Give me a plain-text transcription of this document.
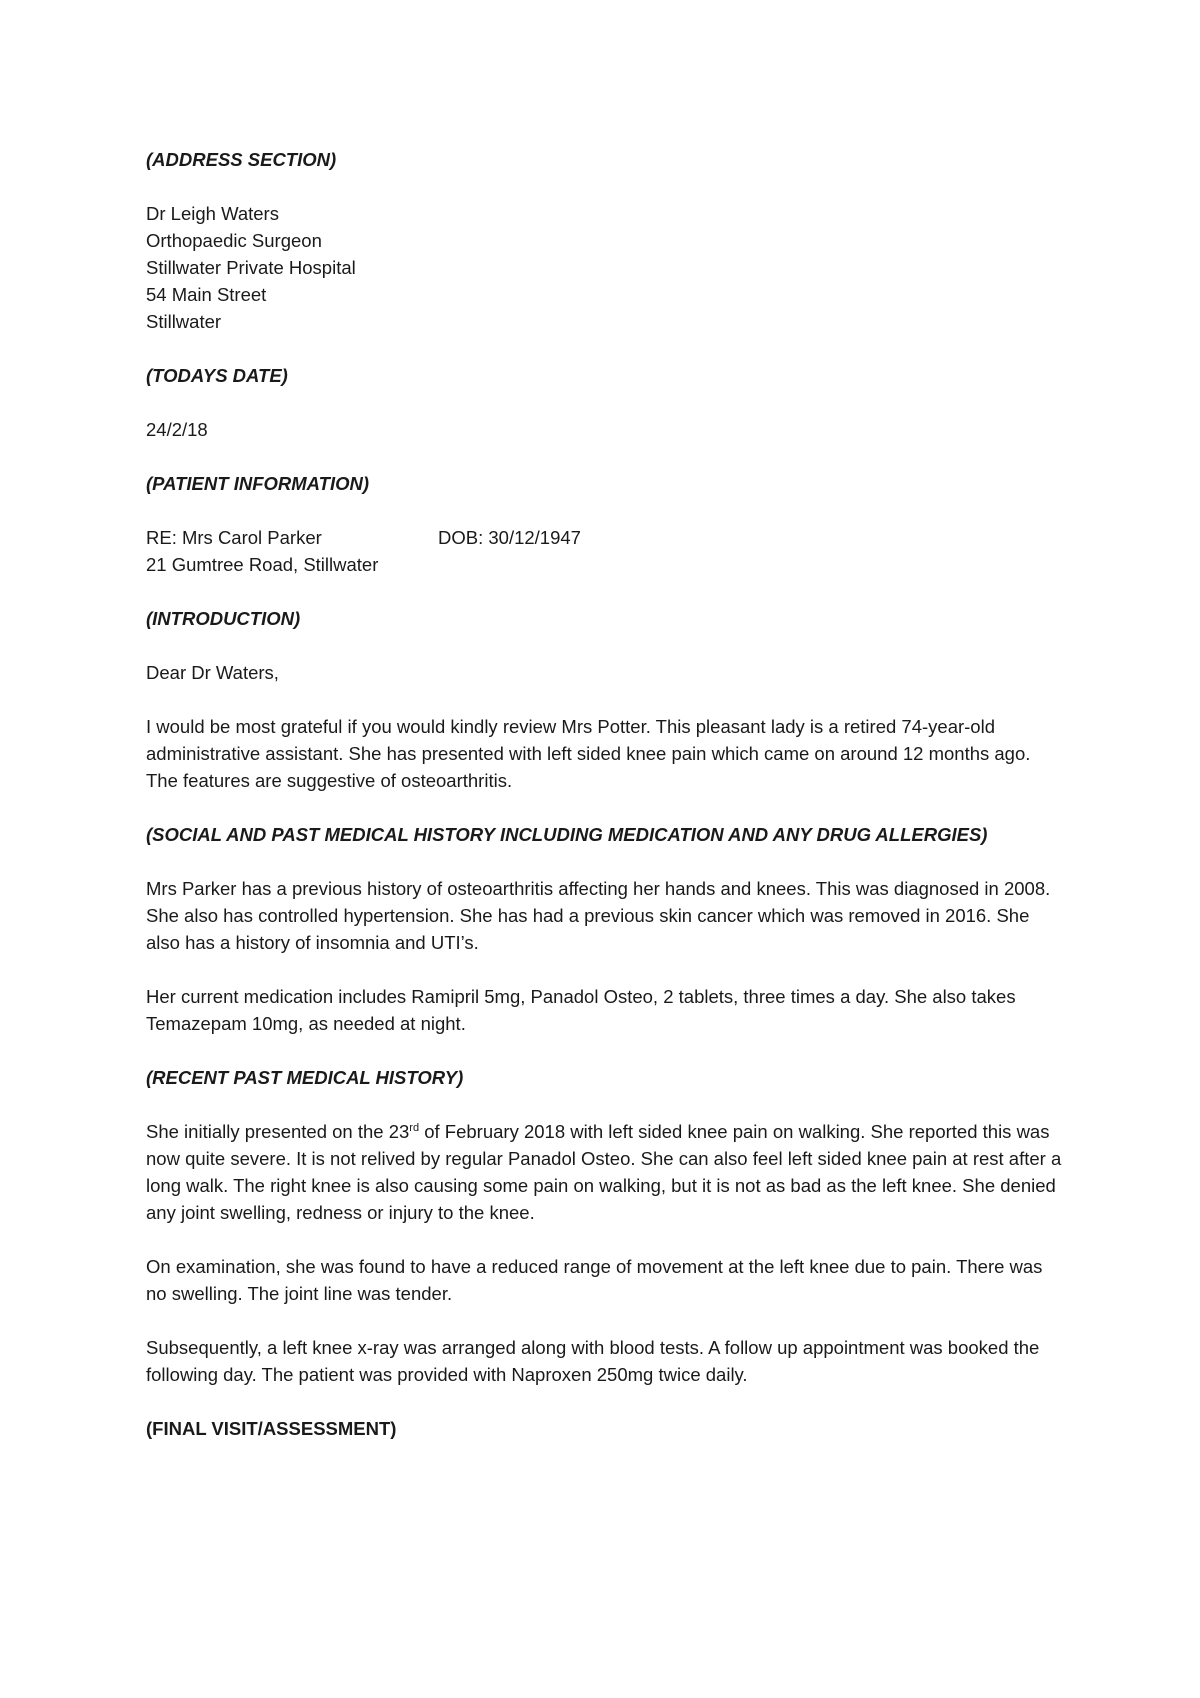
(ADDRESS SECTION)
Dr Leigh Waters
Orthopaedic Surgeon
Stillwater Private Hospital
54 Main Street
Stillwater
(TODAYS DATE)
24/2/18
(PATIENT INFORMATION)
RE: Mrs Carol Parker	DOB: 30/12/1947
21 Gumtree Road, Stillwater
(INTRODUCTION)
Dear Dr Waters,
I would be most grateful if you would kindly review Mrs Potter. This pleasant lady is a retired 74-year-old administrative assistant. She has presented with left sided knee pain which came on around 12 months ago. The features are suggestive of osteoarthritis.
(SOCIAL AND PAST MEDICAL HISTORY INCLUDING MEDICATION AND ANY DRUG ALLERGIES)
Mrs Parker has a previous history of osteoarthritis affecting her hands and knees. This was diagnosed in 2008. She also has controlled hypertension. She has had a previous skin cancer which was removed in 2016. She also has a history of insomnia and UTI’s.
Her current medication includes Ramipril 5mg, Panadol Osteo, 2 tablets, three times a day. She also takes Temazepam 10mg, as needed at night.
(RECENT PAST MEDICAL HISTORY)
She initially presented on the 23rd of February 2018 with left sided knee pain on walking. She reported this was now quite severe. It is not relived by regular Panadol Osteo. She can also feel left sided knee pain at rest after a long walk. The right knee is also causing some pain on walking, but it is not as bad as the left knee. She denied any joint swelling, redness or injury to the knee.
On examination, she was found to have a reduced range of movement at the left knee due to pain. There was no swelling. The joint line was tender.
Subsequently, a left knee x-ray was arranged along with blood tests. A follow up appointment was booked the following day. The patient was provided with Naproxen 250mg twice daily.
(FINAL VISIT/ASSESSMENT)
